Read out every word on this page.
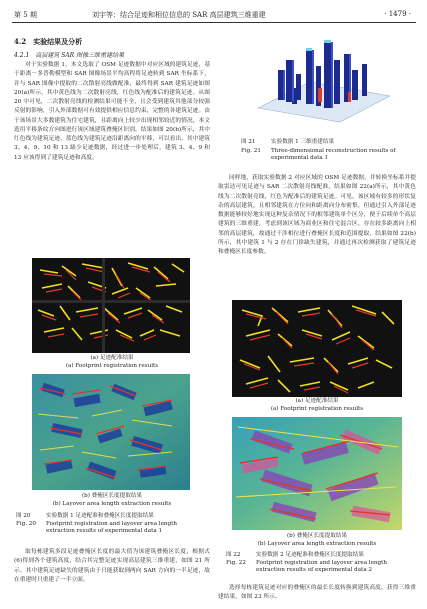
第 5 期	刘宇等：结合足迹和相位信息的 SAR 高层建筑三维重建	· 1479 ·
4.2　实验结果及分析
4.2.1　高层建筑 SAR 图像三维重建结果
对于实验数据 1，本文选取了 OSM 足迹数据中对应区域的建筑足迹，基于距离－多普勒模型和 SAR 图像场景平均高程将足迹转到 SAR 坐标系下，并与 SAR 图像中提取的二次散射亮线做配准，最终得到 SAR 建筑足迹如图 20(a)所示，其中黄色线为二次散射亮线，红色线为配准后的建筑足迹。从图 20 中可见，二次散射亮线的检测结果可能不全，且会受到建筑其他部分较强反射的影响，引入外部数据可有效提供相应信息约束，完整的各建筑足迹。由于该场景大多数建筑为住宅建筑，且距离向上较少出现相邻较近的情况，本文选用平移条纹方向图进行该区域建筑叠掩区识别，结果如图 20(b)所示，其中红色线为建筑足迹，蓝色线为建筑足迹沿距离向的平移，可以看出，其中建筑 3、4、9、10 和 13 缺少足迹数据，经过进一步处理后，建筑 3、4、9 和 13 应该得到了建筑足迹和高度。
(a) 足迹配准结果
(a) Footprint registration results
(b) 叠掩区长度提取结果
(b) Layover area length extraction results
图 20	实验数据 1 足迹配准和叠掩区长度提取结果
Fig. 20 Footprint registration and layover area length extraction results of experimental data 1
取每栋建筑多段足迹叠掩区长度的最大值为该建筑叠掩区长度，根据式(6)得到各个建筑高度，结合其完整足迹实现高层建筑三维重建，如图 21 所示。其中建筑足迹缺失的建筑由于只能获取到两向 SAR 方向的一半足迹，故在重建时只重建了一半立面。
图 21	实验数据 1 三维重建结果
Fig. 21 Three-dimensional reconstruction results of experimental data 1
同样地，获取实验数据 2 对应区域的 OSM 足迹数据，并转换坐标系并提取雷达可见足迹与 SAR 二次散射亮线配准，结果如图 22(a)所示，其中黄色线为二次散射亮线，红色为配准后的建筑足迹。可见，该区域有较多的形状复杂的高层建筑，且相邻建筑在方位向和距离向分布密集，但通过引入外部足迹数据能够较好地实现这种复杂情况下的相邻建筑单个区分，便于后续单个高层建筑的三维重建。考虑到该区域为商业区和住宅混合区，存在较多距离向上相邻的高层建筑，故通过干涉相位进行叠掩区长度和范围提取，结果如图 22(b)所示，其中建筑 1 与 2 存在门诊缺失建筑，并通过再次检测获取了建筑足迹和叠掩区长度参数。
(a) 足迹配准结果
(a) Footprint registration results
(b) 叠掩区长度提取结果
(b) Layover area length extraction results
图 22	实验数据 2 足迹配准和叠掩区长度提取结果
Fig. 22 Footprint registration and layover area length extraction results of experimental data 2
选择每栋建筑足迹对应的叠掩区的最长长度转换到建筑高度，获得三维重建结果，如图 23 所示。
